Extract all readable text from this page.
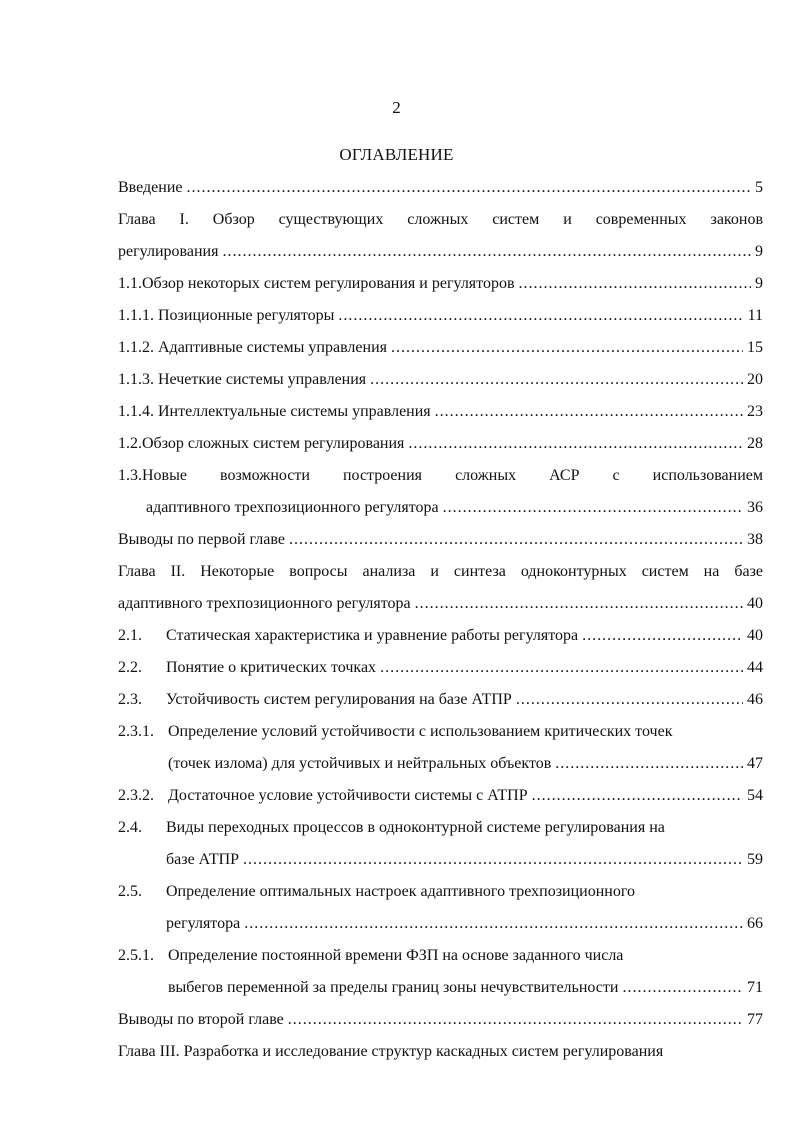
2
ОГЛАВЛЕНИЕ
Введение .....	5
Глава I. Обзор существующих сложных систем и современных законов
регулирования .....	9
1.1.Обзор некоторых систем регулирования и регуляторов .....	9
1.1.1. Позиционные регуляторы .....	11
1.1.2. Адаптивные системы управления .....	15
1.1.3. Нечеткие системы управления .....	20
1.1.4. Интеллектуальные системы управления .....	23
1.2.Обзор сложных систем регулирования .....	28
1.3.Новые возможности построения сложных АСР с использованием
адаптивного трехпозиционного регулятора .....	36
Выводы по первой главе .....	38
Глава II. Некоторые вопросы анализа и синтеза одноконтурных систем на базе
адаптивного трехпозиционного регулятора .....	40
2.1.	Статическая характеристика и уравнение работы регулятора .....	40
2.2.	Понятие о критических точках .....	44
2.3.	Устойчивость систем регулирования на базе АТПР .....	46
2.3.1. Определение условий устойчивости с использованием критических точек
(точек излома) для устойчивых и нейтральных объектов .....	47
2.3.2. Достаточное условие устойчивости системы с АТПР .....	54
2.4.	Виды переходных процессов в одноконтурной системе регулирования на
базе АТПР .....	59
2.5.	Определение оптимальных настроек адаптивного трехпозиционного
регулятора .....	66
2.5.1. Определение постоянной времени ФЗП на основе заданного числа
выбегов переменной за пределы границ зоны нечувствительности .....	71
Выводы по второй главе .....	77
Глава III. Разработка и исследование структур каскадных систем регулирования
